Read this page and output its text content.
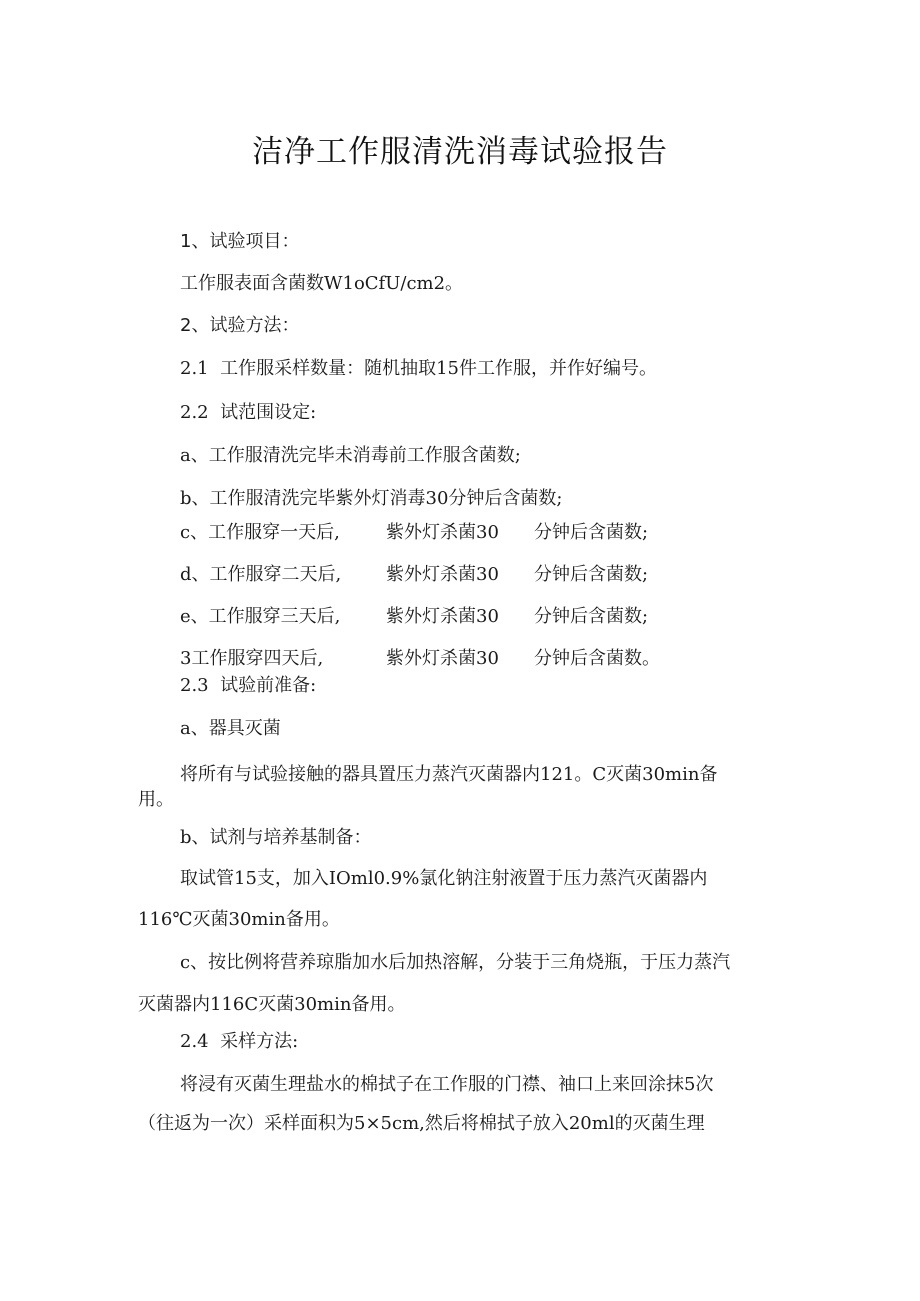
洁净工作服清洗消毒试验报告
1、试验项目：
工作服表面含菌数W1oCfU/cm2。
2、试验方法：
2.1  工作服采样数量：随机抽取15件工作服，并作好编号。
2.2  试范围设定:
a、工作服清洗完毕未消毒前工作服含菌数;
b、工作服清洗完毕紫外灯消毒30分钟后含菌数;

c、工作服穿一天后,

	紫外灯杀菌30

分钟后含菌数;

d、工作服穿二天后,

紫外灯杀菌30

分钟后含菌数;

e、工作服穿三天后,

	紫外灯杀菌30

分钟后含菌数;

3工作服穿四天后,

	紫外灯杀菌30

分钟后含菌数。

2.3  试验前准备:
a、器具灭菌
将所有与试验接触的器具置压力蒸汽灭菌器内121。C灭菌30min备
用。
b、试剂与培养基制备：
取试管15支，加入IOml0.9%氯化钠注射液置于压力蒸汽灭菌器内
116℃灭菌30min备用。
c、按比例将营养琼脂加水后加热溶解，分装于三角烧瓶，于压力蒸汽
灭菌器内116C灭菌30min备用。
2.4  采样方法:
将浸有灭菌生理盐水的棉拭子在工作服的门襟、袖口上来回涂抹5次
（往返为一次）采样面积为5×5cm,然后将棉拭子放入20ml的灭菌生理
